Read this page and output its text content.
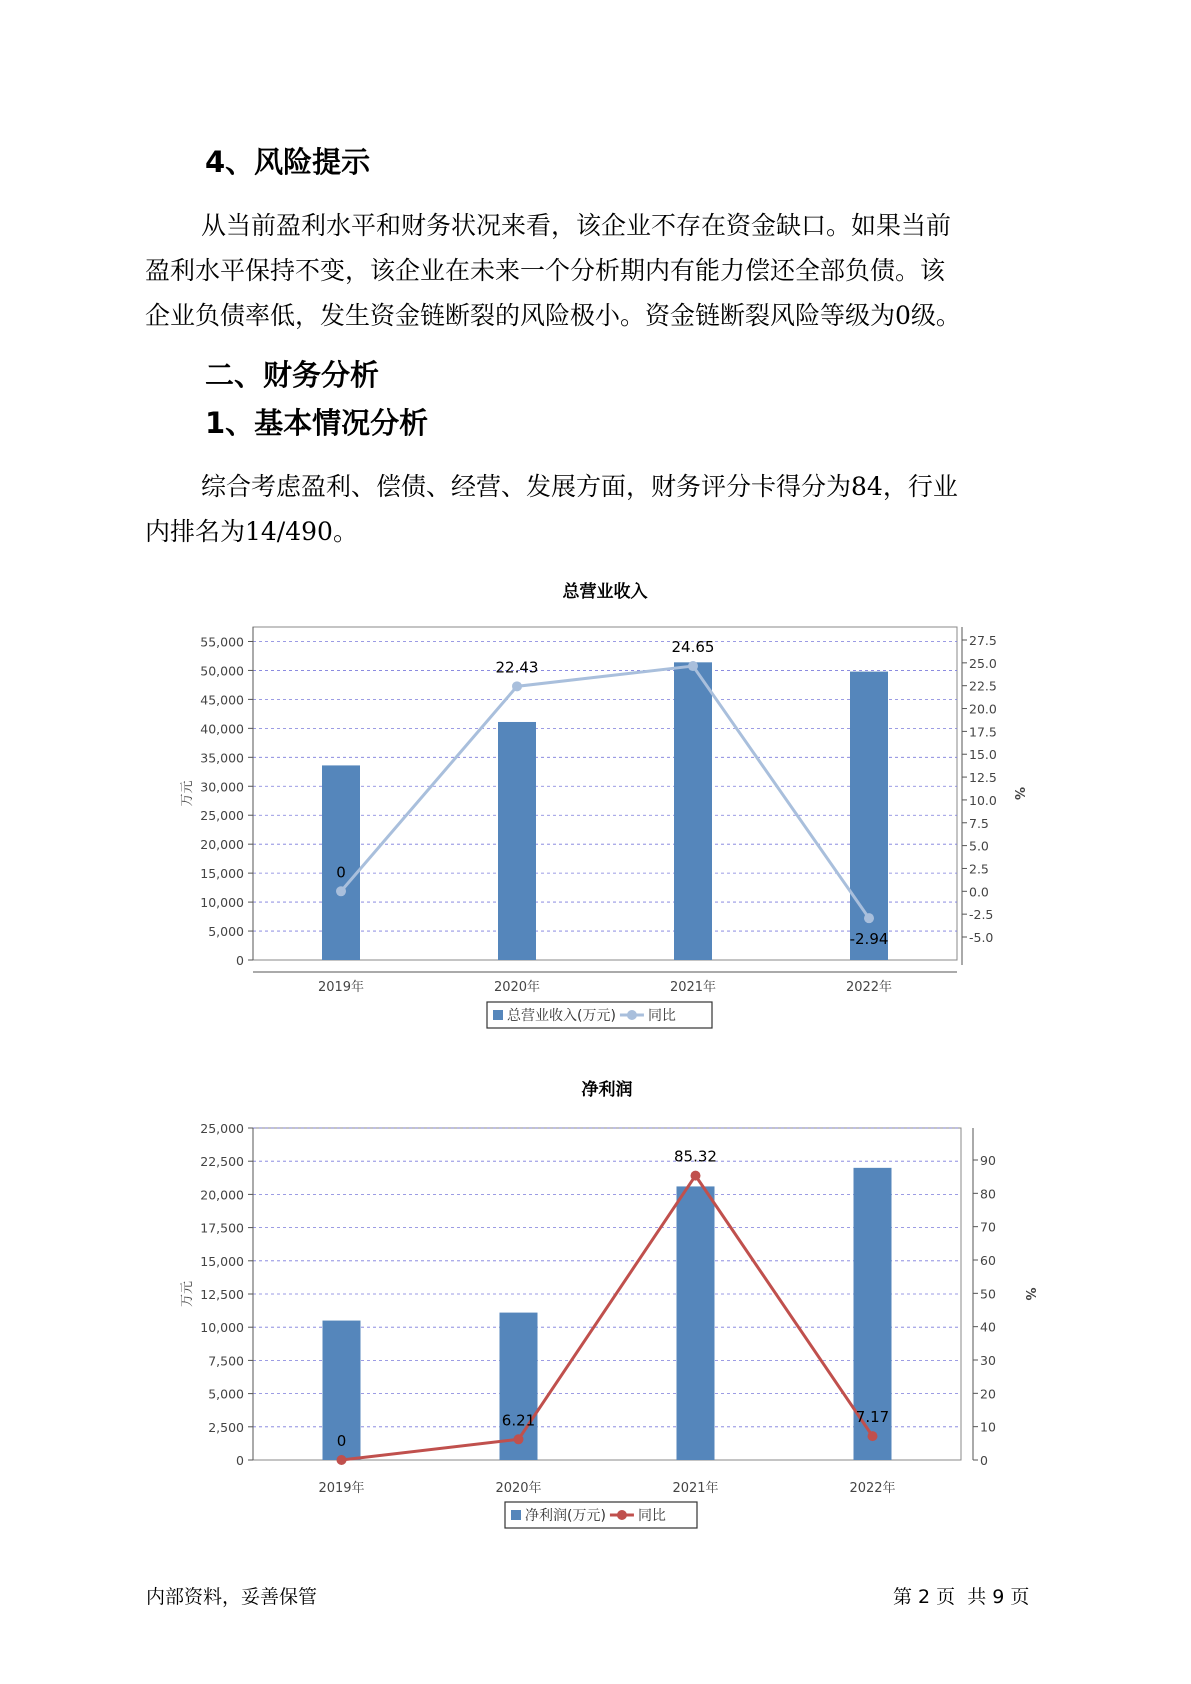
4、风险提示
从当前盈利水平和财务状况来看，该企业不存在资金缺口。如果当前
盈利水平保持不变，该企业在未来一个分析期内有能力偿还全部负债。该
企业负债率低，发生资金链断裂的风险极小。资金链断裂风险等级为0级。
二、财务分析
1、基本情况分析
综合考虑盈利、偿债、经营、发展方面，财务评分卡得分为84，行业
内排名为14/490。
总营业收入
0
5,000
10,000
15,000
20,000
25,000
30,000
35,000
40,000
45,000
50,000
55,000
万元
-5.0
-2.5
0.0
2.5
5.0
7.5
10.0
12.5
15.0
17.5
20.0
22.5
25.0
27.5
%
2019年	2020年	2021年	2022年
0
22.43
24.65
-2.94
总营业收入(万元) 同比
净利润
0
2,500
5,000
7,500
10,000
12,500
15,000
17,500
20,000
22,500
25,000
万元
0
10
20
30
40
50
60
70
80
90
%
2019年	2020年	2021年	2022年
0
6.21
85.32
7.17
净利润(万元) 同比
内部资料，妥善保管	第 2 页  共 9 页
